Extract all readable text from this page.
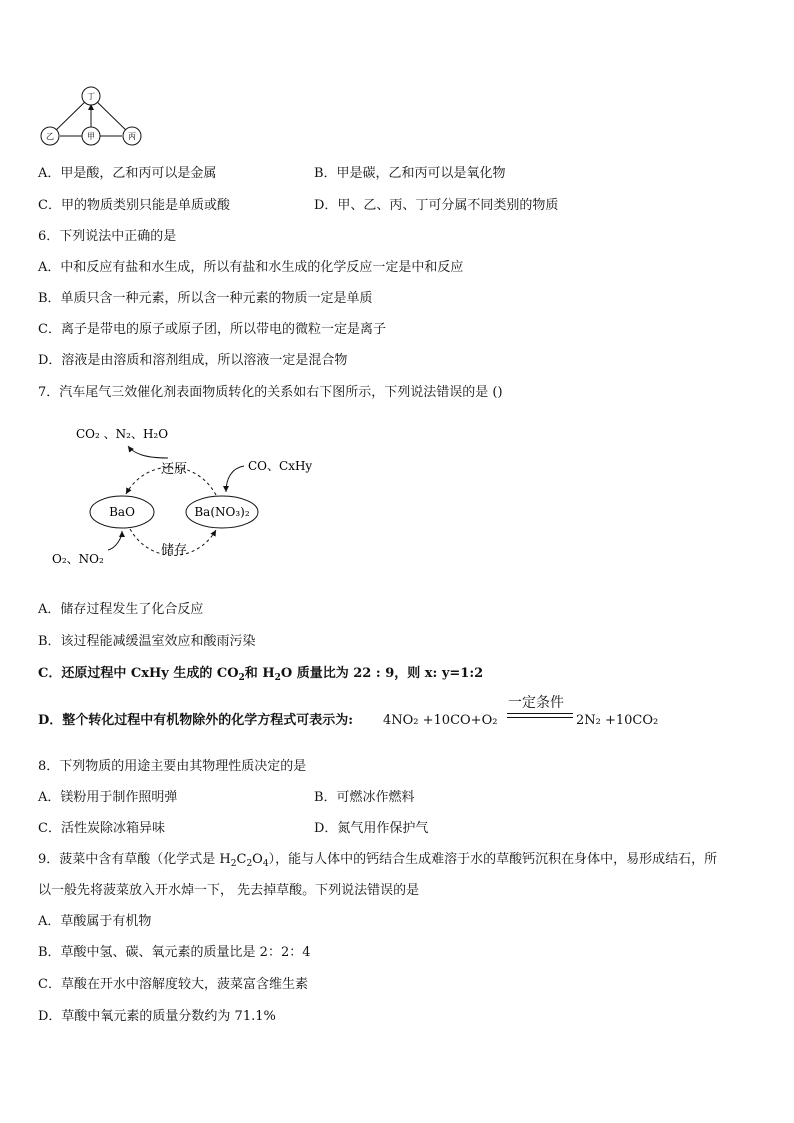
丁
乙	甲	丙
A．甲是酸，乙和丙可以是金属	B．甲是碳，乙和丙可以是氧化物
C．甲的物质类别只能是单质或酸	D．甲、乙、丙、丁可分属不同类别的物质
6．下列说法中正确的是
A．中和反应有盐和水生成，所以有盐和水生成的化学反应一定是中和反应
B．单质只含一种元素，所以含一种元素的物质一定是单质
C．离子是带电的原子或原子团，所以带电的微粒一定是离子
D．溶液是由溶质和溶剂组成，所以溶液一定是混合物
7．汽车尾气三效催化剂表面物质转化的关系如右下图所示，下列说法错误的是 ()
CO₂ 、N₂、H₂O
CO、CxHy
BaO	Ba(NO₃)₂
还原
储存
O₂、NO₂
A．储存过程发生了化合反应
B．该过程能减缓温室效应和酸雨污染
C．还原过程中 CxHy 生成的 $CO_2$和 $H_2O$ 质量比为 22 : 9，则 x: y=1:2
D．整个转化过程中有机物除外的化学方程式可表示为: 4NO₂ +10CO+O₂
一定条件
2N₂ +10CO₂
8．下列物质的用途主要由其物理性质决定的是
A．镁粉用于制作照明弹	B．可燃冰作燃料
C．活性炭除冰箱异味	D．氮气用作保护气
9．菠菜中含有草酸（化学式是 $H_2C_2O_4$），能与人体中的钙结合生成难溶于水的草酸钙沉积在身体中，易形成结石，所
以一般先将菠菜放入开水焯一下， 先去掉草酸。下列说法错误的是
A．草酸属于有机物
B．草酸中氢、碳、氧元素的质量比是 2：2：4
C．草酸在开水中溶解度较大，菠菜富含维生素
D．草酸中氧元素的质量分数约为 71.1%
